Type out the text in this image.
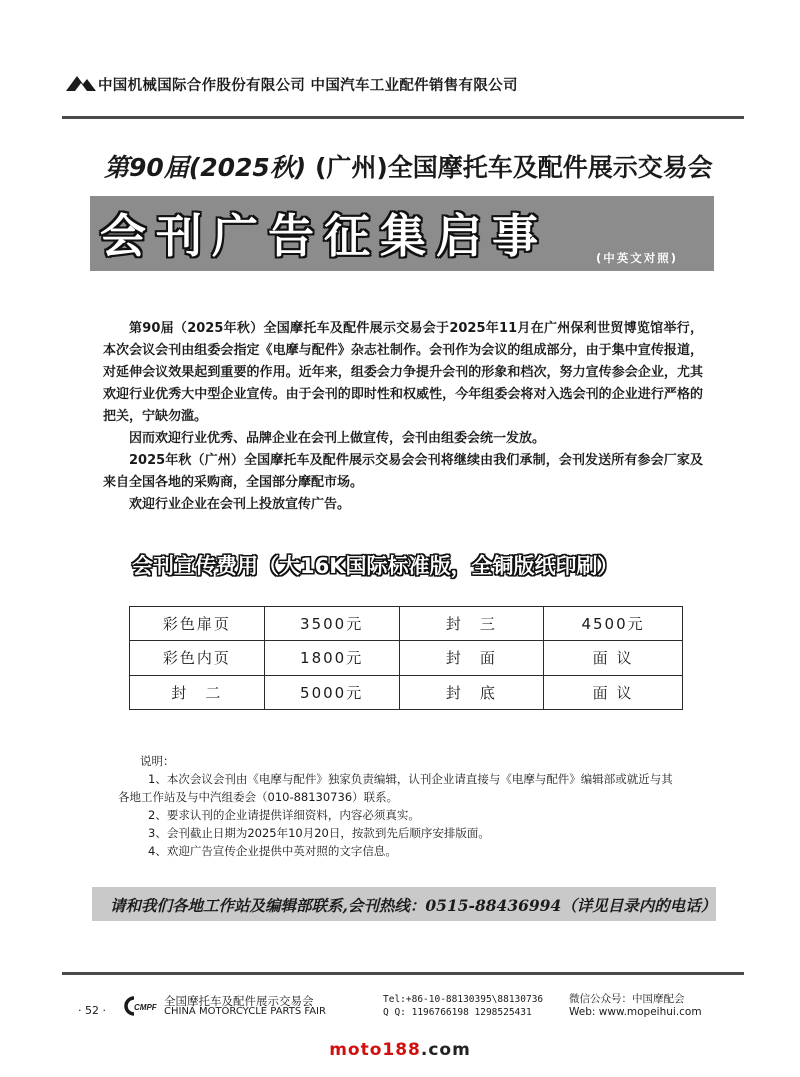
中国机械国际合作股份有限公司 中国汽车工业配件销售有限公司
第90届(2025秋) (广州)全国摩托车及配件展示交易会
会刊广告征集启事	(中英文对照)

第90届（2025年秋）全国摩托车及配件展示交易会于2025年11月在广州保利世贸博览馆举行，本次会议会刊由组委会指定《电摩与配件》杂志社制作。会刊作为会议的组成部分，由于集中宣传报道，对延伸会议效果起到重要的作用。近年来，组委会力争提升会刊的形象和档次，努力宣传参会企业，尤其欢迎行业优秀大中型企业宣传。由于会刊的即时性和权威性，今年组委会将对入选会刊的企业进行严格的把关，宁缺勿滥。

因而欢迎行业优秀、品牌企业在会刊上做宣传，会刊由组委会统一发放。

2025年秋（广州）全国摩托车及配件展示交易会会刊将继续由我们承制，会刊发送所有参会厂家及来自全国各地的采购商，全国部分摩配市场。

欢迎行业企业在会刊上投放宣传广告。

会刊宣传费用（大16K国际标准版，全铜版纸印刷）
彩色扉页	3500元	封　三	4500元
彩色内页	1800元	封　面	面 议
封　二	5000元	封　底	面 议
说明：
1、本次会议会刊由《电摩与配件》独家负责编辑，认刊企业请直接与《电摩与配件》编辑部或就近与其
各地工作站及与中汽组委会（010-88130736）联系。
2、要求认刊的企业请提供详细资料，内容必须真实。
3、会刊截止日期为2025年10月20日，按款到先后顺序安排版面。
4、欢迎广告宣传企业提供中英对照的文字信息。
请和我们各地工作站及编辑部联系,会刊热线：0515-88436994（详见目录内的电话）
· 52 ·	CMPF 全国摩托车及配件展示交易会
CHINA MOTORCYCLE PARTS FAIR
Tel:+86-10-88130395\88130736
Q Q: 1196766198 1298525431
微信公众号：中国摩配会
Web: www.mopeihui.com
moto188.com
